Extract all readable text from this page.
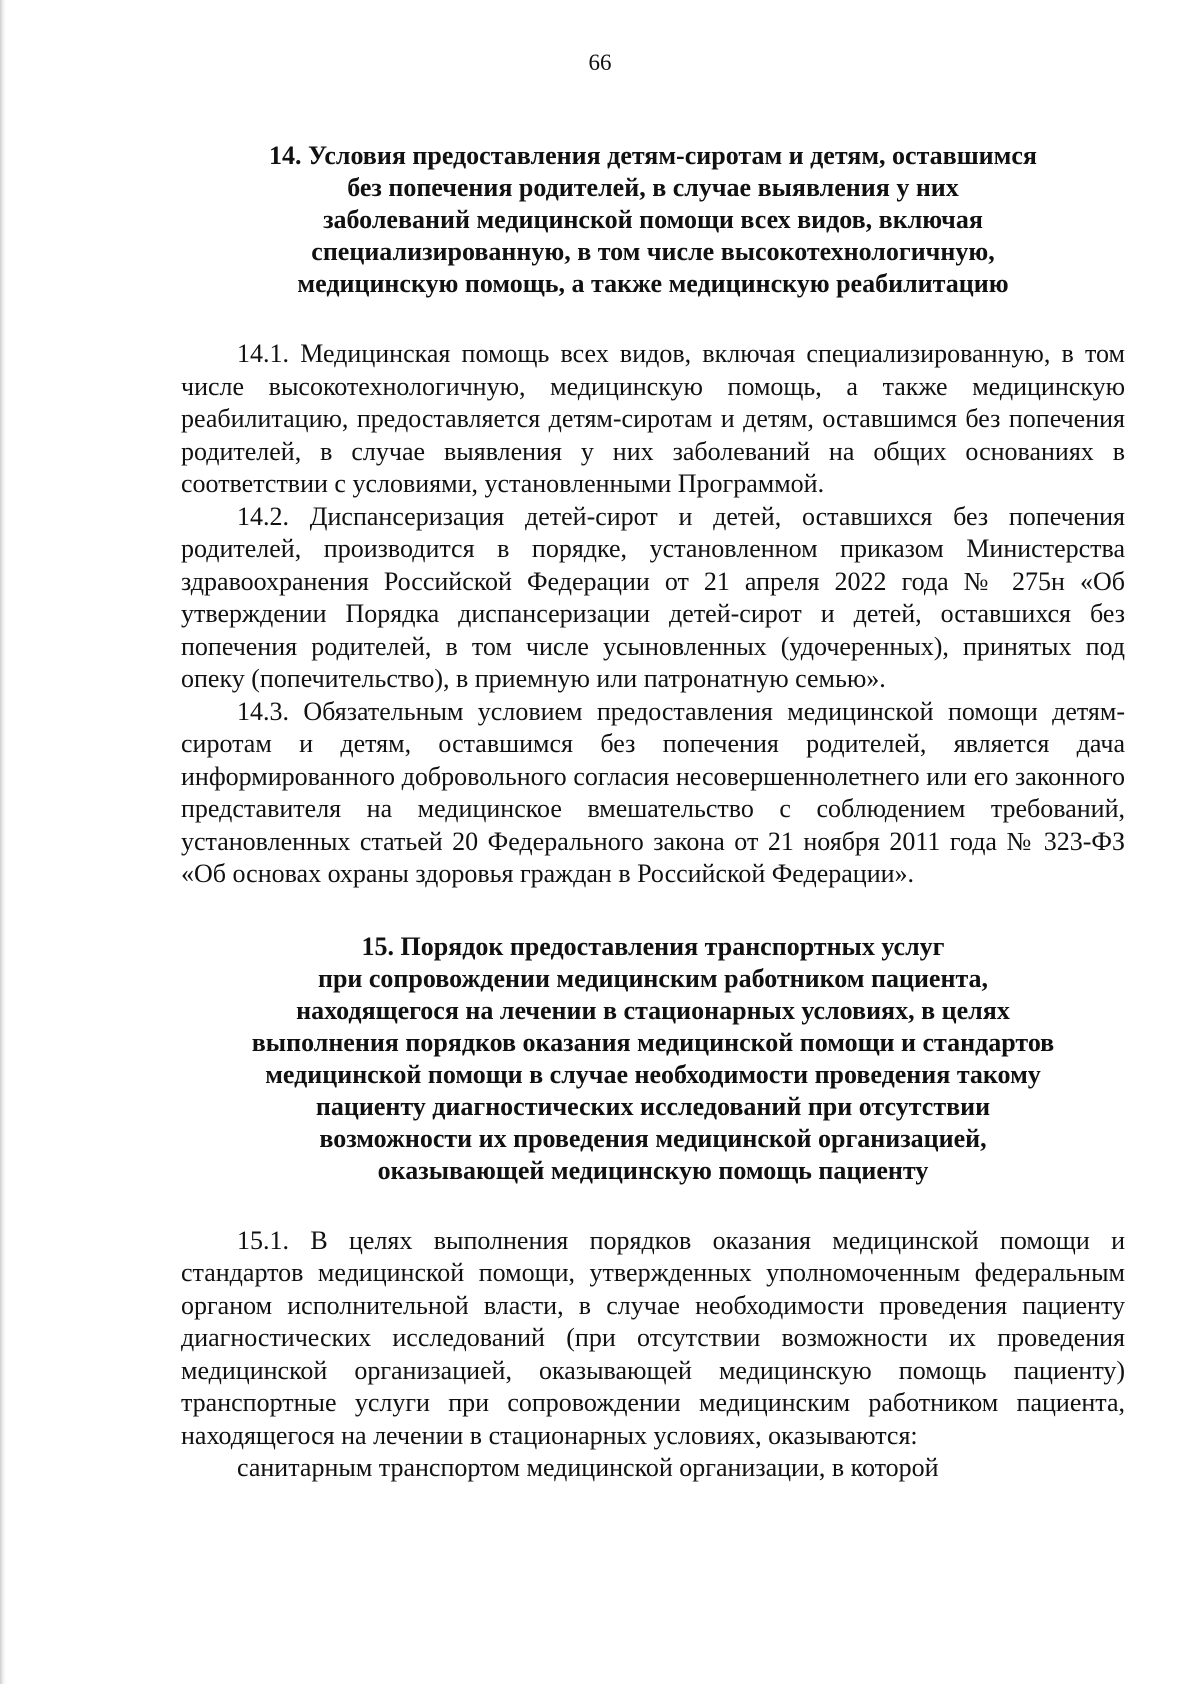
66
14. Условия предоставления детям-сиротам и детям, оставшимся
без попечения родителей, в случае выявления у них
заболеваний медицинской помощи всех видов, включая
специализированную, в том числе высокотехнологичную,
медицинскую помощь, а также медицинскую реабилитацию

14.1. Медицинская помощь всех видов, включая специализированную, в том числе высокотехнологичную, медицинскую помощь, а также медицинскую реабилитацию, предоставляется детям-сиротам и детям, оставшимся без попечения родителей, в случае выявления у них заболеваний на общих основаниях в соответствии с условиями, установленными Программой.

14.2. Диспансеризация детей-сирот и детей, оставшихся без попечения родителей, производится в порядке, установленном приказом Министерства здравоохранения Российской Федерации от 21 апреля 2022 года № 275н «Об утверждении Порядка диспансеризации детей-сирот и детей, оставшихся без попечения родителей, в том числе усыновленных (удочеренных), принятых под опеку (попечительство), в приемную или патронатную семью».

14.3. Обязательным условием предоставления медицинской помощи детям-сиротам и детям, оставшимся без попечения родителей, является дача информированного добровольного согласия несовершеннолетнего или его законного представителя на медицинское вмешательство с соблюдением требований, установленных статьей 20 Федерального закона от 21 ноября 2011 года № 323-ФЗ «Об основах охраны здоровья граждан в Российской Федерации».

15. Порядок предоставления транспортных услуг
при сопровождении медицинским работником пациента,
находящегося на лечении в стационарных условиях, в целях
выполнения порядков оказания медицинской помощи и стандартов
медицинской помощи в случае необходимости проведения такому
пациенту диагностических исследований при отсутствии
возможности их проведения медицинской организацией,
оказывающей медицинскую помощь пациенту

15.1. В целях выполнения порядков оказания медицинской помощи и стандартов медицинской помощи, утвержденных уполномоченным федеральным органом исполнительной власти, в случае необходимости проведения пациенту диагностических исследований (при отсутствии возможности их проведения медицинской организацией, оказывающей медицинскую помощь пациенту) транспортные услуги при сопровождении медицинским работником пациента, находящегося на лечении в стационарных условиях, оказываются:

санитарным транспортом медицинской организации, в которой
